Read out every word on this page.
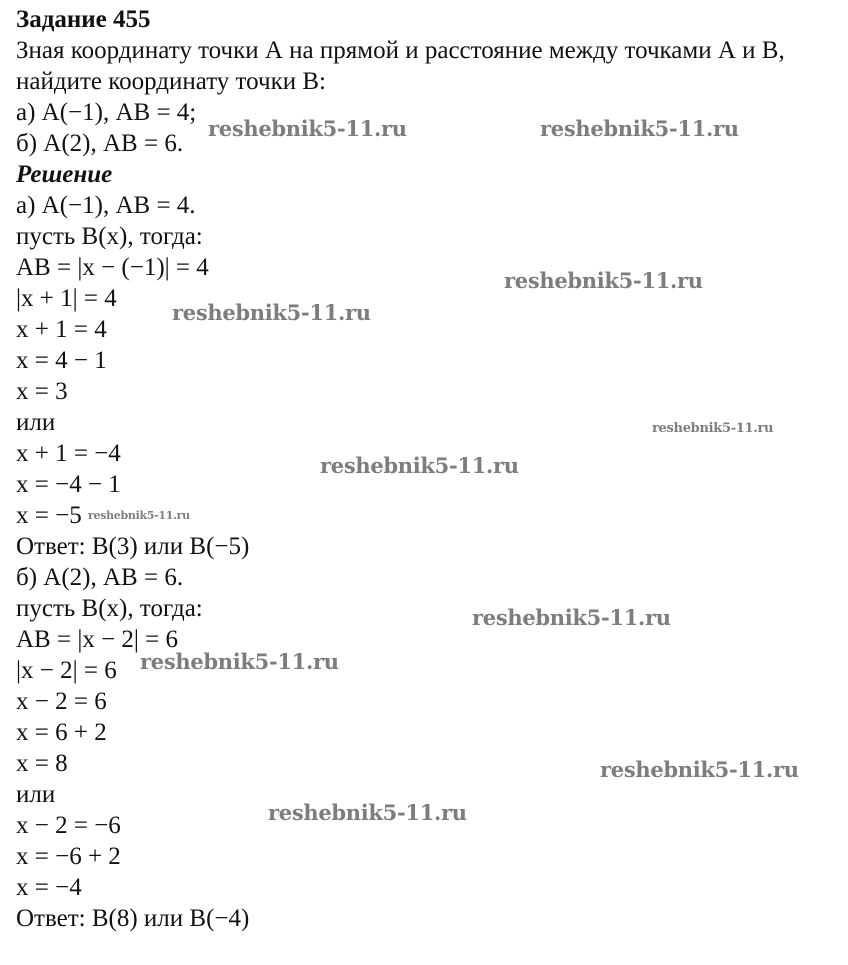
Задание 455
Зная координату точки А на прямой и расстояние между точками А и В,
найдите координату точки В:
а) А(−1), АВ = 4;
б) А(2), АВ = 6.
Решение
а) А(−1), АВ = 4.
пусть В(x), тогда:
АВ = |x − (−1)| = 4
|x + 1| = 4
x + 1 = 4
x = 4 − 1
x = 3
или
x + 1 = −4
x = −4 − 1
x = −5
Ответ: В(3) или В(−5)
б) А(2), АВ = 6.
пусть В(x), тогда:
АВ = |x − 2| = 6
|x − 2| = 6
x − 2 = 6
x = 6 + 2
x = 8
или
x − 2 = −6
x = −6 + 2
x = −4
Ответ: В(8) или В(−4)
reshebnik5-11.ru	reshebnik5-11.ru
reshebnik5-11.ru
reshebnik5-11.ru
reshebnik5-11.ru
reshebnik5-11.ru
reshebnik5-11.ru
reshebnik5-11.ru
reshebnik5-11.ru
reshebnik5-11.ru
reshebnik5-11.ru
